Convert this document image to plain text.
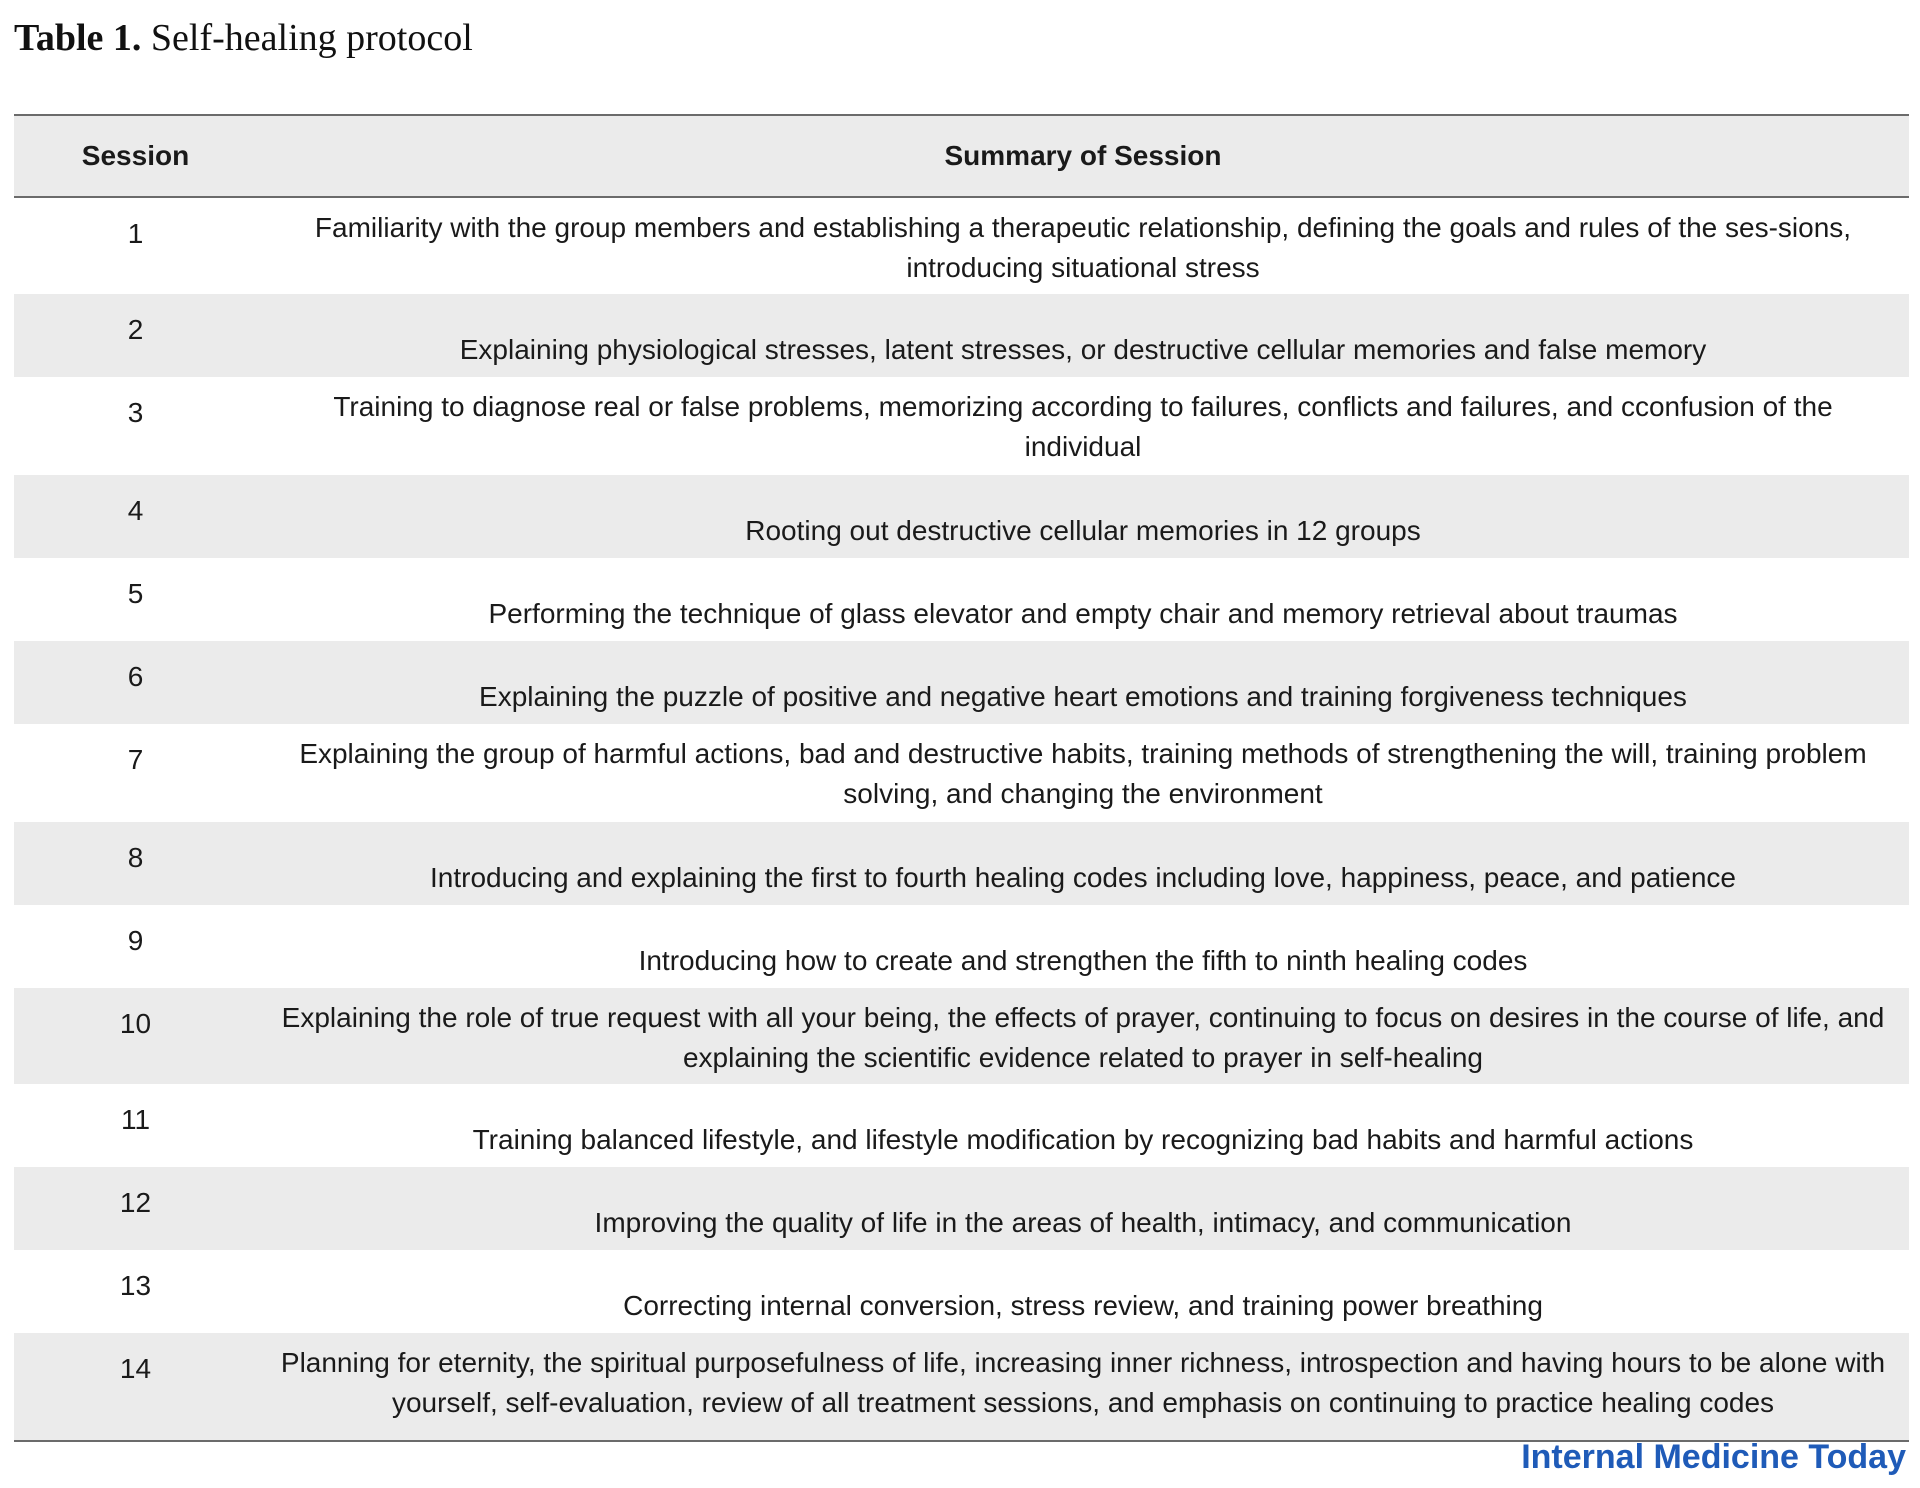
Table 1. Self-healing protocol
Session	Summary of Session
1	Familiarity with the group members and establishing a therapeutic relationship, defining the goals and rules of the ses-sions, introducing situational stress
2	Explaining physiological stresses, latent stresses, or destructive cellular memories and false memory
3	Training to diagnose real or false problems, memorizing according to failures, conflicts and failures, and cconfusion of the individual
4	Rooting out destructive cellular memories in 12 groups
5	Performing the technique of glass elevator and empty chair and memory retrieval about traumas
6	Explaining the puzzle of positive and negative heart emotions and training forgiveness techniques
7	Explaining the group of harmful actions, bad and destructive habits, training methods of strengthening the will, training problem solving, and changing the environment
8	Introducing and explaining the first to fourth healing codes including love, happiness, peace, and patience
9	Introducing how to create and strengthen the fifth to ninth healing codes
10	Explaining the role of true request with all your being, the effects of prayer, continuing to focus on desires in the course of life, and explaining the scientific evidence related to prayer in self-healing
11	Training balanced lifestyle, and lifestyle modification by recognizing bad habits and harmful actions
12	Improving the quality of life in the areas of health, intimacy, and communication
13	Correcting internal conversion, stress review, and training power breathing
14	Planning for eternity, the spiritual purposefulness of life, increasing inner richness, introspection and having hours to be alone with yourself, self-evaluation, review of all treatment sessions, and emphasis on continuing to practice healing codes
Internal Medicine Today
